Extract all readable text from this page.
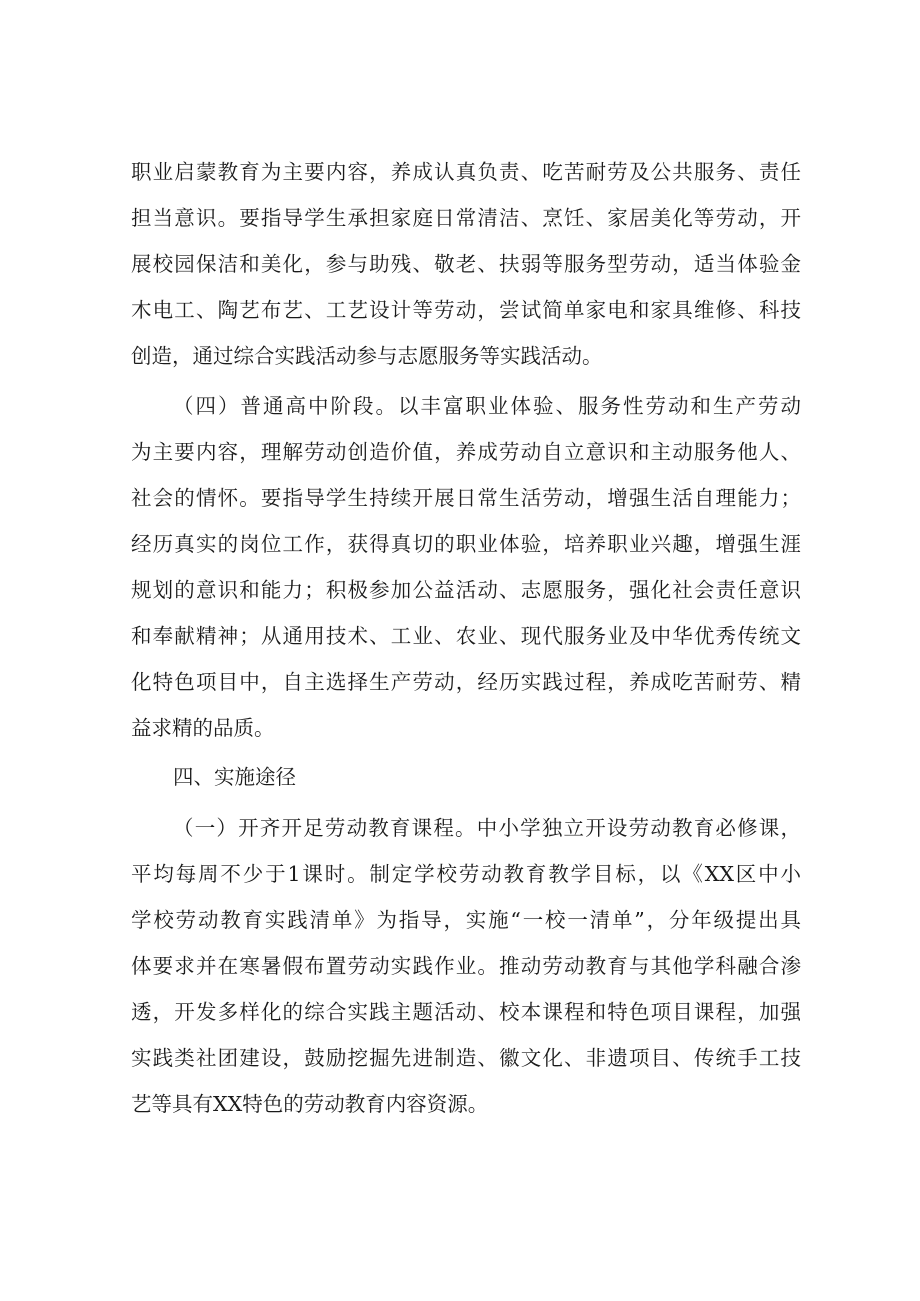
职业启蒙教育为主要内容，养成认真负责、吃苦耐劳及公共服务、责任
担当意识。要指导学生承担家庭日常清洁、烹饪、家居美化等劳动，开
展校园保洁和美化，参与助残、敬老、扶弱等服务型劳动，适当体验金
木电工、陶艺布艺、工艺设计等劳动，尝试简单家电和家具维修、科技
创造，通过综合实践活动参与志愿服务等实践活动。
（四）普通高中阶段。以丰富职业体验、服务性劳动和生产劳动
为主要内容，理解劳动创造价值，养成劳动自立意识和主动服务他人、
社会的情怀。要指导学生持续开展日常生活劳动，增强生活自理能力；
经历真实的岗位工作，获得真切的职业体验，培养职业兴趣，增强生涯
规划的意识和能力；积极参加公益活动、志愿服务，强化社会责任意识
和奉献精神；从通用技术、工业、农业、现代服务业及中华优秀传统文
化特色项目中，自主选择生产劳动，经历实践过程，养成吃苦耐劳、精
益求精的品质。
四、实施途径
（一）开齐开足劳动教育课程。中小学独立开设劳动教育必修课，
平均每周不少于1课时。制定学校劳动教育教学目标，以《XX区中小
学校劳动教育实践清单》为指导，实施“一校一清单”，分年级提出具
体要求并在寒暑假布置劳动实践作业。推动劳动教育与其他学科融合渗
透，开发多样化的综合实践主题活动、校本课程和特色项目课程，加强
实践类社团建设，鼓励挖掘先进制造、徽文化、非遗项目、传统手工技
艺等具有XX特色的劳动教育内容资源。
